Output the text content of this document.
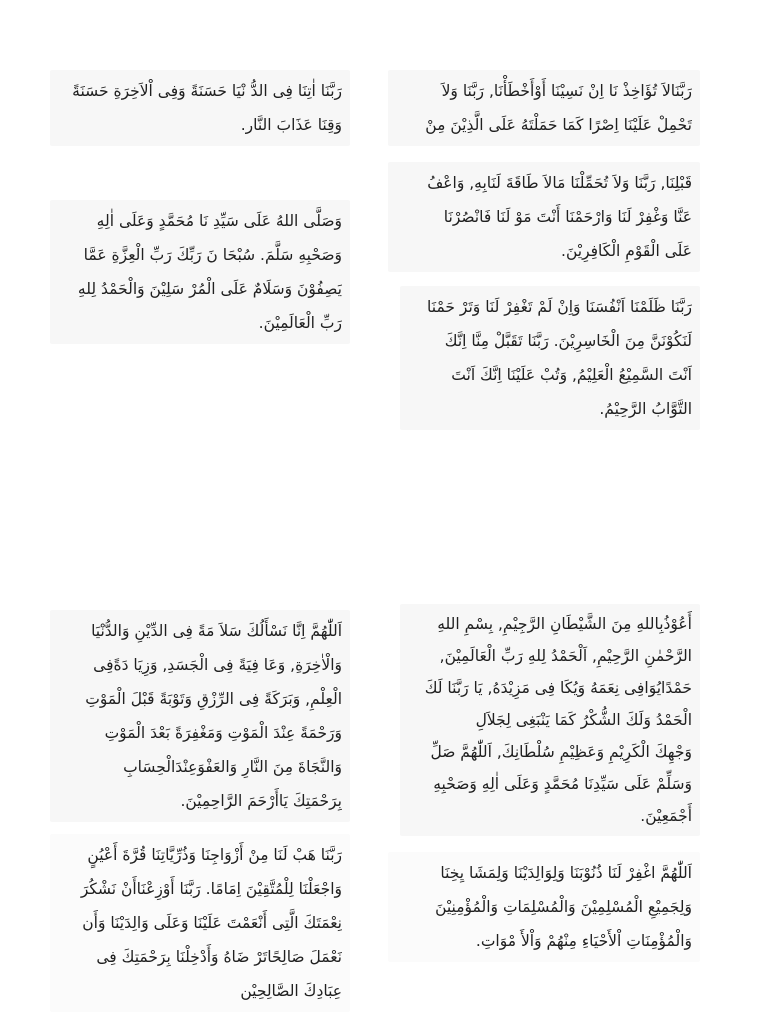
رَبَّنَا اٰتِنَا فِى الدُّ نْيَا حَسَنَةً وَفِى اْلاَخِرَةِ حَسَنَةً
وَقِنَا عَذَابَ النَّار.
وَصَلَّى اللهُ عَلَى سَيِّدِ نَا مُحَمَّدٍ وَعَلَى اٰلِهِ
وَصَحْبِهِ سَلَّمَ. سُبْحَا نَ رَبِّكَ رَبِّ الْعِزَّةِ عَمَّا
يَصِفُوْنَ وَسَلَامٌ عَلَى الْمُرْ سَلِيْنَ وَالْحَمْدُ لِلهِ
رَبِّ الْعَالَمِيْنَ.
اَللّٰهُمَّ اِنَّا نَسْأَلُكَ سَلاَ مَةً فِى الدِّيْنِ وَالدُّنْيَا
وَالْاٰخِرَةِ, وَعَا فِيَةً فِى الْجَسَدِ, وَزِيَا دَةًفِى
الْعِلْمِ, وَبَرَكَةً فِى الرِّزْقِ وَتَوْبَةً قَبْلَ الْمَوْتِ
وَرَحْمَةً عِنْدَ الْمَوْتِ وَمَغْفِرَةً بَعْدَ الْمَوْتِ
وَالنَّجَاةَ مِنَ النَّارِ وَالعَفْوَعِنْدَالْحِسَابِ
بِرَحْمَتِكَ يَاأَرْحَمَ الرَّاحِمِيْنَ.
رَبَّنَا هَبْ لَنَا مِنْ أَزْوَاجِنَا وَذُرِّيَّاتِنَا قُرَّةَ أَعْيُنٍ
وَاجْعَلْنَا لِلْمُتَّقِيْنَ اِمَامًا. رَبَّنَا أَوْزِعْنَاأَنْ نَشْكُرَ
نِعْمَتَكَ الَّتِى أَنْعَمْتَ عَلَيْنَا وَعَلَى وَالِدَيْنَا وَأَن
نَعْمَلَ صَالِحًاتَرْ ضَاهُ وَأَدْخِلْنَا بِرَحْمَتِكَ فِى
عِبَادِكَ الصَّالِحِيْن
رَبَّنَالاَ تُؤَاخِذْ نَا اِنْ نَسِيْنَا أَوْأَخْطَأْنَا, رَبَّنَا وَلاَ
تَحْمِلْ عَلَيْنَا اِصْرًا كَمَا حَمَلْتَهُ عَلَى الَّذِيْنَ مِنْ
قَبْلِنَا, رَبَّنَا وَلاَ تُحَمِّلْنَا مَالاَ طَاقَةَ لَنَابِهِ, وَاعْفُ
عَنَّا وَغْفِرْ لَنَا وَارْحَمْنَا أَنْتَ مَوْ لَنَا فَانْصُرْنَا
عَلَى الْقَوْمِ الْكَافِرِيْنَ.
رَبَّنَا ظَلَمْنَا اَنْفُسَنَا وَاِنْ لَمْ تَغْفِرْ لَنَا وَتَرْ حَمْنَا
لَنَكُوْنَنَّ مِنَ الْخَاسِرِيْنَ. رَبَّنَا تَقَبَّلْ مِنَّا اِنَّكَ
اَنْتَ السَّمِيْعُ الْعَلِيْمُ, وَتُبْ عَلَيْنَا اِنَّكَ اَنْتَ
التَّوَّابُ الرَّحِيْمُ.
أَعُوْذُبِاللهِ مِنَ الشَّيْطَانِ الرَّجِيْمِ, بِسْمِ اللهِ
الرَّحْمٰنِ الرَّحِيْمِ, اَلْحَمْدُ لِلهِ رَبِّ الْعَالَمِيْنَ,
حَمْدًايُوَافِى نِعَمَهُ وَيُكَا فِى مَزِيْدَهُ, يَا رَبَّنَا لَكَ
الْحَمْدُ وَلَكَ الشُّكْرُ كَمَا يَنْبَغِى لِجَلاَلِ
وَجْهِكَ الْكَرِيْمِ وَعَظِيْمِ سُلْطَانِكَ, اَللّٰهُمَّ صَلِّ
وَسَلِّمْ عَلَى سَيِّدِنَا مُحَمَّدٍ وَعَلَى اٰلِهِ وَصَحْبِهِ
أَجْمَعِيْنَ.
اَللّٰهُمَّ اغْفِرْ لَنَا ذُنُوْبَنَا وَلِوَالِدَيْنَا وَلِمَشَا يِخِنَا
وَلِجَمِيْعِ الْمُسْلِمِيْنَ وَالْمُسْلِمَاتِ وَالْمُؤْمِنِيْنَ
وَالْمُؤْمِنَاتِ اْلأَحْيَاءِ مِنْهُمْ وَاْلأَ مْوَاتِ.
